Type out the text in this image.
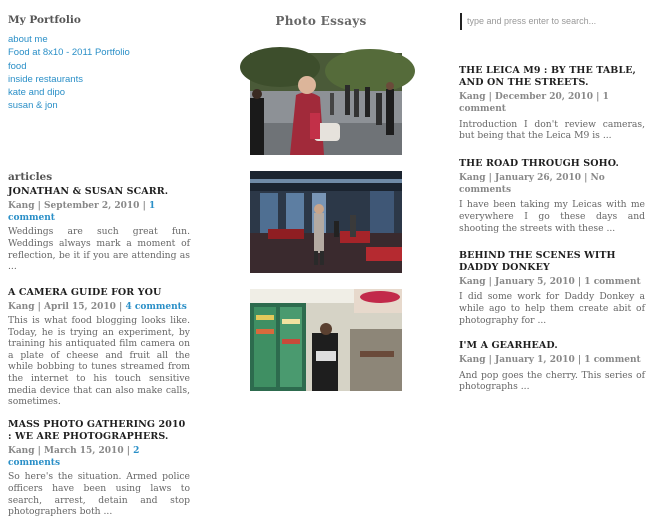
My Portfolio
about me
Food at 8x10 - 2011 Portfolio
food
inside restaurants
kate and dipo
susan & jon
articles
JONATHAN & SUSAN SCARR.
Kang | September 2, 2010 | 1 comment
Weddings are such great fun. Weddings always mark a moment of reflection, be it if you are attending as ...
A CAMERA GUIDE FOR YOU
Kang | April 15, 2010 | 4 comments
This is what food blogging looks like. Today, he is trying an experiment, by training his antiquated film camera on a plate of cheese and fruit all the while bobbing to tunes streamed from the internet to his touch sensitive media device that can also make calls, sometimes.
MASS PHOTO GATHERING 2010 : WE ARE PHOTOGRAPHERS.
Kang | March 15, 2010 | 2 comments
So here's the situation. Armed police officers have been using laws to search, arrest, detain and stop photographers both ...
Photo Essays	type and press enter to search...
THE LEICA M9 : BY THE TABLE, AND ON THE STREETS.
Kang | December 20, 2010 | 1 comment
Introduction I don't review cameras, but being that the Leica M9 is ...
THE ROAD THROUGH SOHO.
Kang | January 26, 2010 | No comments
I have been taking my Leicas with me everywhere I go these days and shooting the streets with these ...
BEHIND THE SCENES WITH DADDY DONKEY
Kang | January 5, 2010 | 1 comment
I did some work for Daddy Donkey a while ago to help them create abit of photography for ...
I'M A GEARHEAD.
Kang | January 1, 2010 | 1 comment
And pop goes the cherry. This series of photographs ...
